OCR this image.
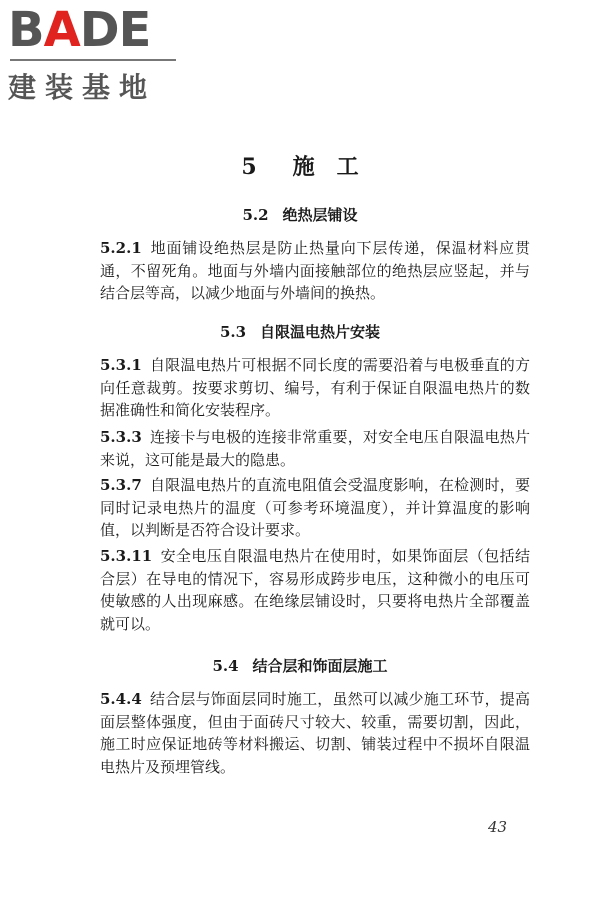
BADE
建装基地
5 施　工
5.2 绝热层铺设

5.2.1 地面铺设绝热层是防止热量向下层传递，保温材料应贯通，不留死角。地面与外墙内面接触部位的绝热层应竖起，并与结合层等高，以减少地面与外墙间的换热。

5.3 自限温电热片安装

5.3.1 自限温电热片可根据不同长度的需要沿着与电极垂直的方向任意裁剪。按要求剪切、编号，有利于保证自限温电热片的数据准确性和简化安装程序。

5.3.3 连接卡与电极的连接非常重要，对安全电压自限温电热片来说，这可能是最大的隐患。

5.3.7 自限温电热片的直流电阻值会受温度影响，在检测时，要同时记录电热片的温度（可参考环境温度），并计算温度的影响值，以判断是否符合设计要求。

5.3.11 安全电压自限温电热片在使用时，如果饰面层（包括结合层）在导电的情况下，容易形成跨步电压，这种微小的电压可使敏感的人出现麻感。在绝缘层铺设时，只要将电热片全部覆盖就可以。

5.4 结合层和饰面层施工

5.4.4 结合层与饰面层同时施工，虽然可以减少施工环节，提高面层整体强度，但由于面砖尺寸较大、较重，需要切割，因此，施工时应保证地砖等材料搬运、切割、铺装过程中不损坏自限温电热片及预埋管线。

43
